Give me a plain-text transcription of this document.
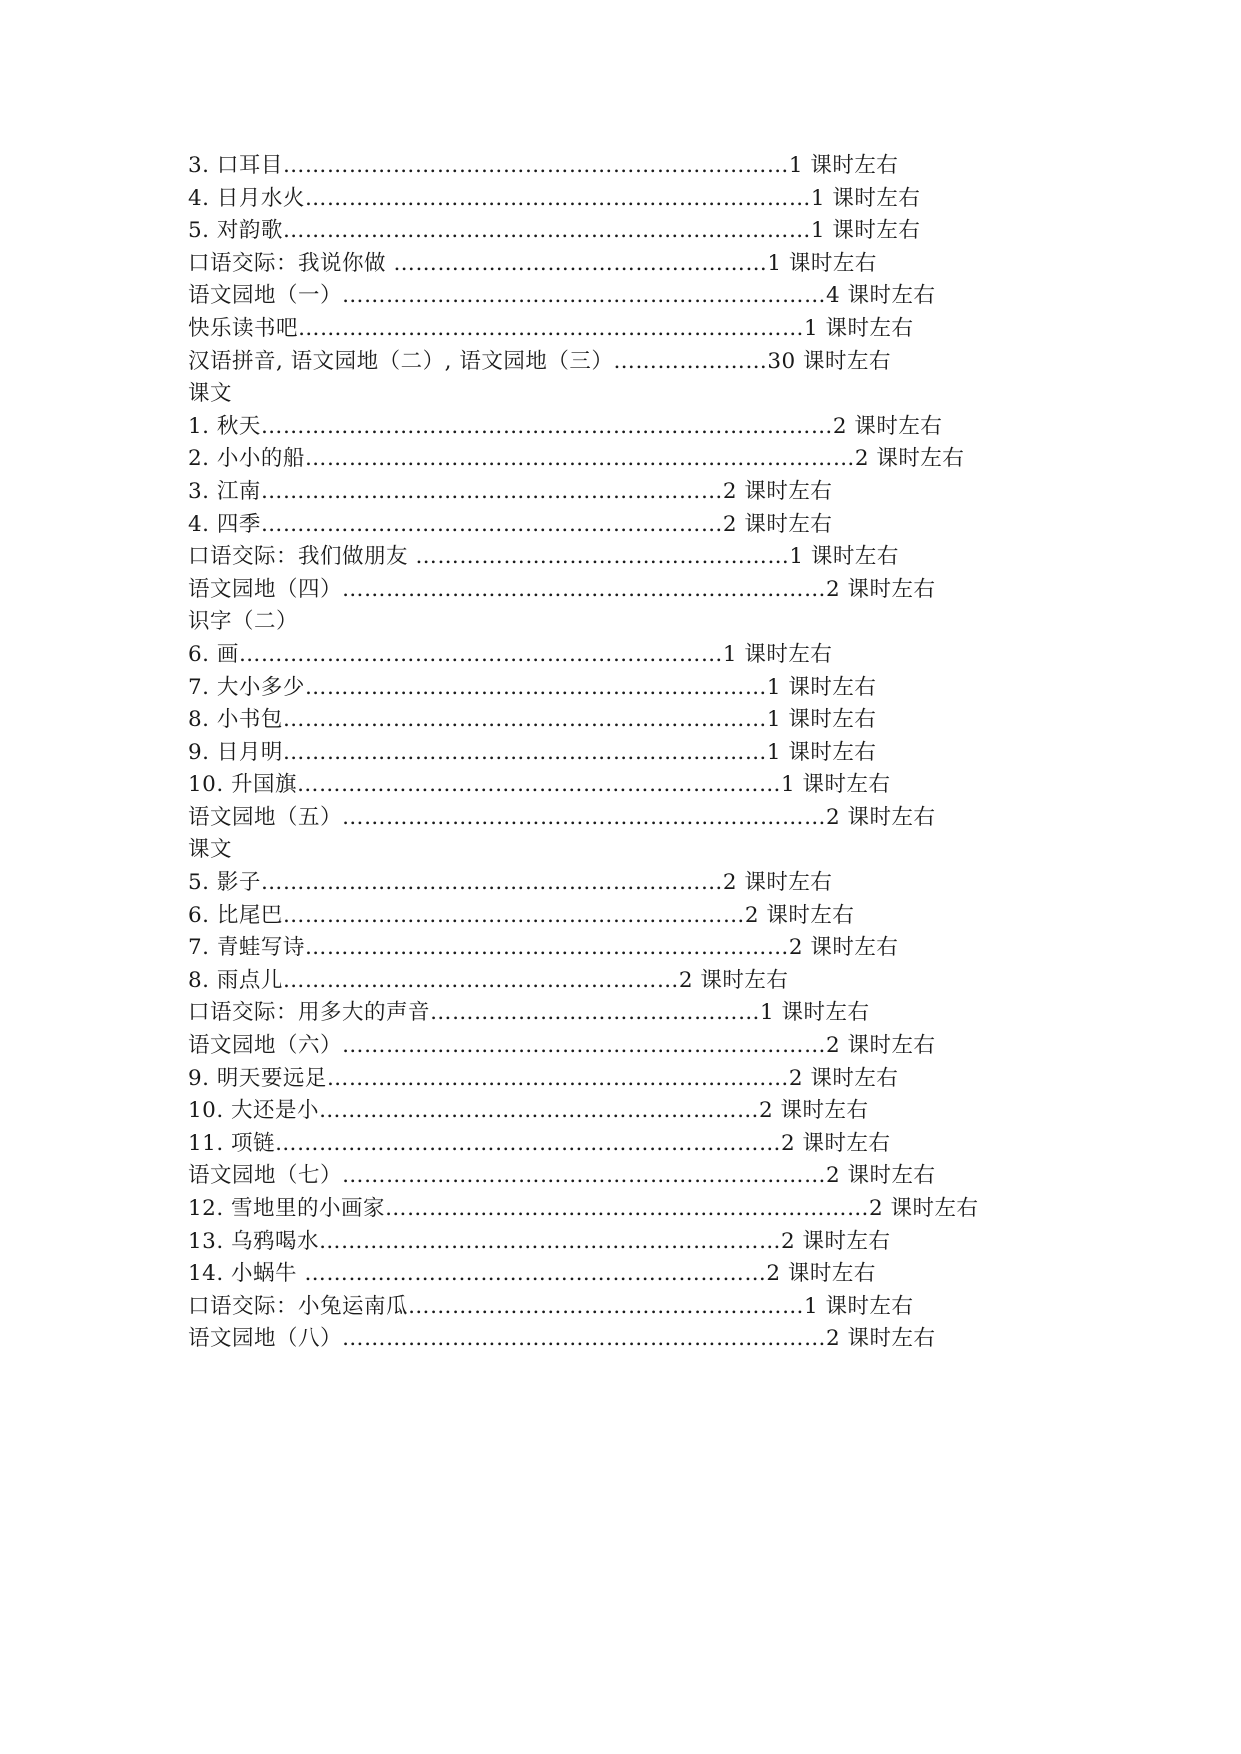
3. 口耳目……………………………………………………………1 课时左右
4. 日月水火……………………………………………………………1 课时左右
5. 对韵歌………………………………………………………………1 课时左右
口语交际：我说你做 ……………………………………………1 课时左右
语文园地（一）…………………………………………………………4 课时左右
快乐读书吧……………………………………………………………1 课时左右
汉语拼音, 语文园地（二）, 语文园地（三）…………………30 课时左右
课文
1. 秋天……………………………………………………………………2 课时左右
2. 小小的船…………………………………………………………………2 课时左右
3. 江南………………………………………………………2 课时左右
4. 四季………………………………………………………2 课时左右
口语交际：我们做朋友 ……………………………………………1 课时左右
语文园地（四）…………………………………………………………2 课时左右
识字（二）
6. 画…………………………………………………………1 课时左右
7. 大小多少………………………………………………………1 课时左右
8. 小书包…………………………………………………………1 课时左右
9. 日月明…………………………………………………………1 课时左右
10. 升国旗…………………………………………………………1 课时左右
语文园地（五）…………………………………………………………2 课时左右
课文
5. 影子………………………………………………………2 课时左右
6. 比尾巴………………………………………………………2 课时左右
7. 青蛙写诗…………………………………………………………2 课时左右
8. 雨点儿………………………………………………2 课时左右
口语交际：用多大的声音………………………………………1 课时左右
语文园地（六）…………………………………………………………2 课时左右
9. 明天要远足………………………………………………………2 课时左右
10. 大还是小……………………………………………………2 课时左右
11. 项链……………………………………………………………2 课时左右
语文园地（七）…………………………………………………………2 课时左右
12. 雪地里的小画家…………………………………………………………2 课时左右
13. 乌鸦喝水………………………………………………………2 课时左右
14. 小蜗牛 ………………………………………………………2 课时左右
口语交际：小兔运南瓜………………………………………………1 课时左右
语文园地（八）…………………………………………………………2 课时左右
